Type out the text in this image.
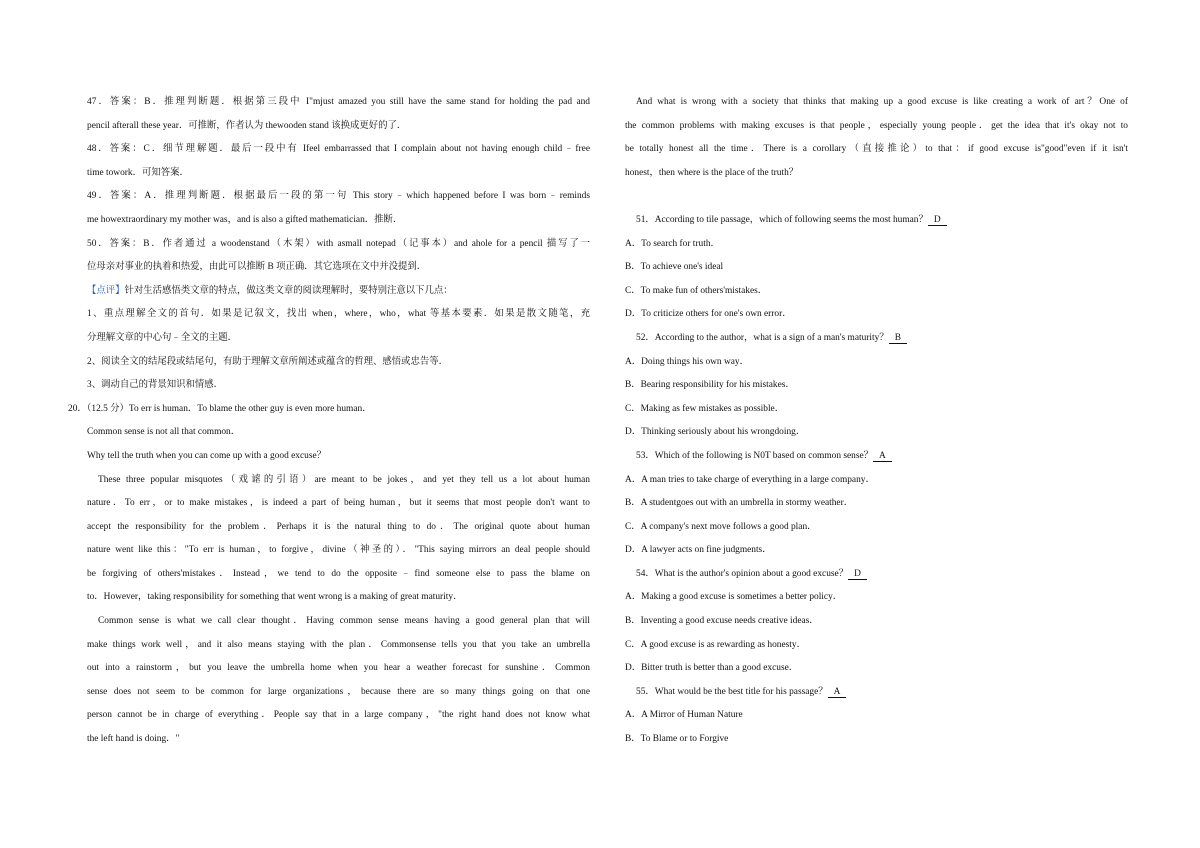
47．答案：B．推理判断题．根据第三段中 I"mjust amazed you still have the same stand for holding the pad and
pencil afterall these year．可推断，作者认为 thewooden stand 该换成更好的了．
48．答案：C．细节理解题．最后一段中有 Ifeel embarrassed that I complain about not having enough child﹣free
time towork．可知答案．
49．答案：A．推理判断题．根据最后一段的第一句 This story﹣which happened before I was born﹣reminds
me howextraordinary my mother was，and is also a gifted mathematician．推断．
50．答案：B．作者通过 a woodenstand（木架）with asmall notepad（记事本）and ahole for a pencil 描写了一
位母亲对事业的执着和热爱，由此可以推断 B 项正确．其它选项在文中并没提到．
【点评】针对生活感悟类文章的特点，做这类文章的阅读理解时，要特别注意以下几点：
1、重点理解全文的首句．如果是记叙文，找出 when，where，who，what 等基本要素．如果是散文随笔，充
分理解文章的中心句﹣全文的主题．
2、阅读全文的结尾段或结尾句，有助于理解文章所阐述或蕴含的哲理、感悟或忠告等．
3、调动自己的背景知识和情感．
20．（12.5 分）To err is human．To blame the other guy is even more human．
Common sense is not all that common．
Why tell the truth when you can come up with a good excuse？
These three popular misquotes（戏谑的引语）are meant to be jokes，and yet they tell us a lot about human
nature．To err，or to make mistakes，is indeed a part of being human，but it seems that most people don't want to
accept the responsibility for the problem．Perhaps it is the natural thing to do．The original quote about human
nature went like this："To err is human，to forgive，divine（神圣的）．"This saying mirrors an deal people should
be forgiving of others'mistakes．Instead，we tend to do the opposite﹣find someone else to pass the blame on
to．However，taking responsibility for something that went wrong is a making of great maturity．
Common sense is what we call clear thought．Having common sense means having a good general plan that will
make things work well，and it also means staying with the plan．Commonsense tells you that you take an umbrella
out into a rainstorm，but you leave the umbrella home when you hear a weather forecast for sunshine．Common
sense does not seem to be common for large organizations，because there are so many things going on that one
person cannot be in charge of everything．People say that in a large company，"the right hand does not know what
the left hand is doing．"
And what is wrong with a society that thinks that making up a good excuse is like creating a work of art？One of
the common problems with making excuses is that people，especially young people．get the idea that it's okay not to
be totally honest all the time．There is a corollary（直接推论）to that：if good excuse is"good"even if it isn't
honest，then where is the place of the truth？
51．According to tile passage，which of following seems the most human？ D
A．To search for truth．
B．To achieve one's ideal
C．To make fun of others'mistakes．
D．To criticize others for one's own error．
52．According to the author，what is a sign of a man's maturity？ B
A．Doing things his own way．
B．Bearing responsibility for his mistakes．
C．Making as few mistakes as possible．
D．Thinking seriously about his wrongdoing．
53．Which of the following is N0T based on common sense？ A
A．A man tries to take charge of everything in a large company．
B．A studentgoes out with an umbrella in stormy weather．
C．A company's next move follows a good plan．
D．A lawyer acts on fine judgments．
54．What is the author's opinion about a good excuse？ D
A．Making a good excuse is sometimes a better policy．
B．Inventing a good excuse needs creative ideas．
C．A good excuse is as rewarding as honesty．
D．Bitter truth is better than a good excuse．
55．What would be the best title for his passage？ A
A．A Mirror of Human Nature
B．To Blame or to Forgive
